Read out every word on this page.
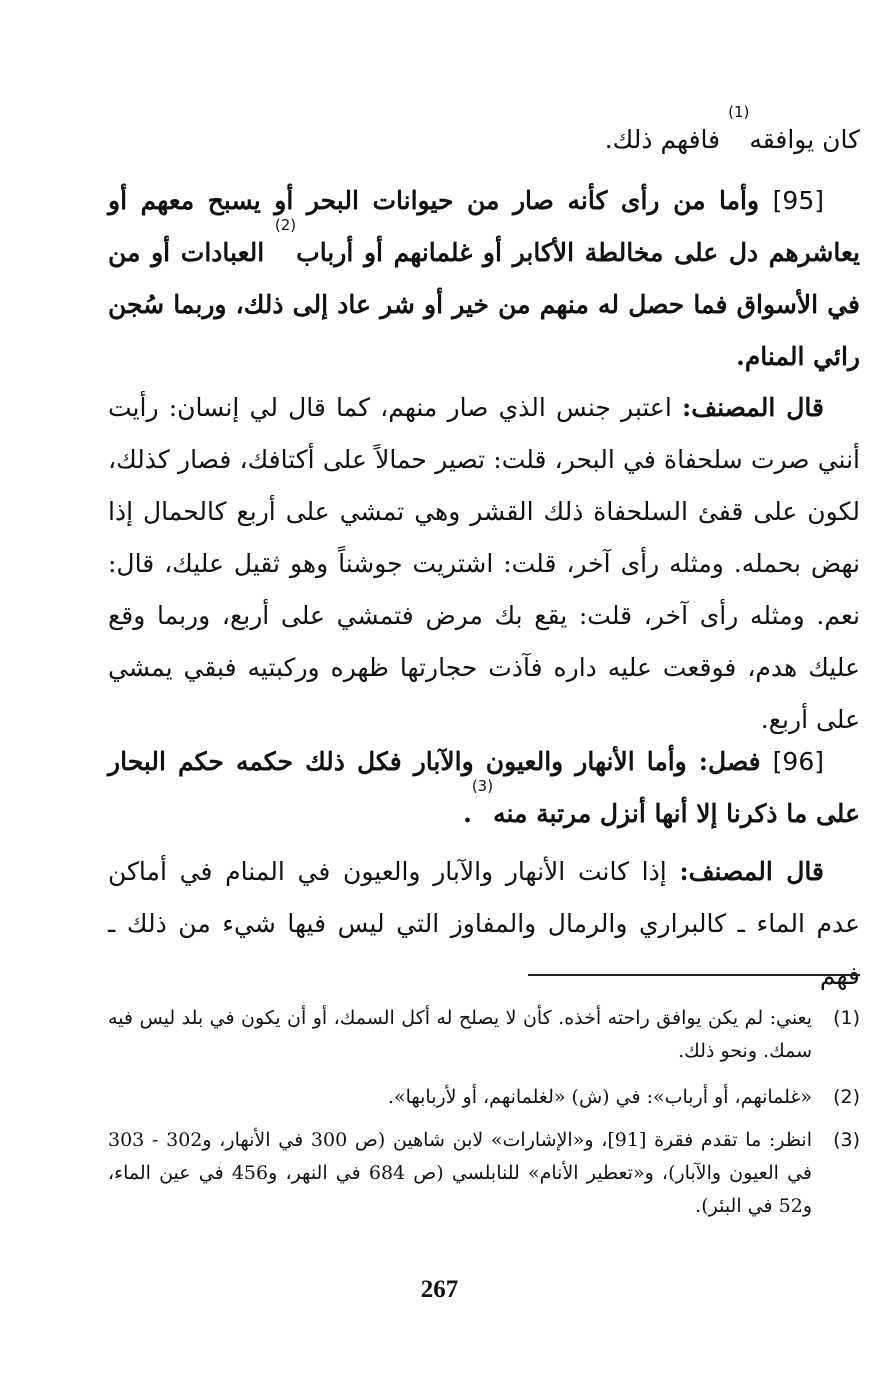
كان يوافقه$^{(1)}$ فافهم ذلك.

[95] وأما من رأى كأنه صار من حيوانات البحر أو يسبح معهم أو يعاشرهم دل على مخالطة الأكابر أو غلمانهم أو أرباب$^{(2)}$ العبادات أو من في الأسواق فما حصل له منهم من خير أو شر عاد إلى ذلك، وربما سُجن رائي المنام.

قال المصنف: اعتبر جنس الذي صار منهم، كما قال لي إنسان: رأيت أنني صرت سلحفاة في البحر، قلت: تصير حمالاً على أكتافك، فصار كذلك، لكون على قفئ السلحفاة ذلك القشر وهي تمشي على أربع كالحمال إذا نهض بحمله. ومثله رأى آخر، قلت: اشتريت جوشناً وهو ثقيل عليك، قال: نعم. ومثله رأى آخر، قلت: يقع بك مرض فتمشي على أربع، وربما وقع عليك هدم، فوقعت عليه داره فآذت حجارتها ظهره وركبتيه فبقي يمشي على أربع.

[96] فصل: وأما الأنهار والعيون والآبار فكل ذلك حكمه حكم البحار على ما ذكرنا إلا أنها أنزل مرتبة منه$^{(3)}$.

قال المصنف: إذا كانت الأنهار والآبار والعيون في المنام في أماكن عدم الماء ـ كالبراري والرمال والمفاوز التي ليس فيها شيء من ذلك ـ فهم

(1)
يعني: لم يكن يوافق راحته أخذه. كأن لا يصلح له أكل السمك، أو أن يكون في بلد ليس فيه سمك. ونحو ذلك.
(2)
«غلمانهم، أو أرباب»: في (ش) «لغلمانهم، أو لأربابها».
(3)
انظر: ما تقدم فقرة [91]، و«الإشارات» لابن شاهين (ص 300 في الأنهار، و302 - 303 في العيون والآبار)، و«تعطير الأنام» للنابلسي (ص 684 في النهر، و456 في عين الماء، و52 في البئر).
267
